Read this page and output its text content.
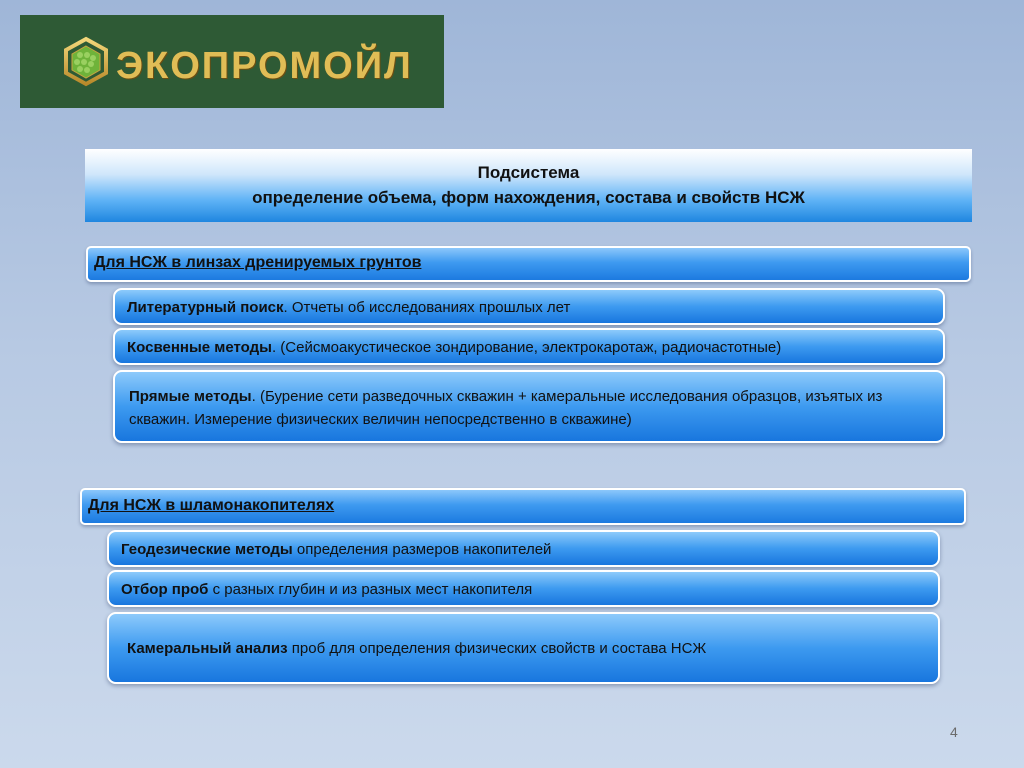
ЭКОПРОМОЙЛ
Подсистема
определение объема, форм нахождения, состава и свойств НСЖ
Для НСЖ в линзах дренируемых грунтов
Литературный поиск. Отчеты об исследованиях прошлых лет
Косвенные методы. (Сейсмоакустическое зондирование, электрокаротаж, радиочастотные)
Прямые методы. (Бурение сети разведочных скважин + камеральные исследования образцов, изъятых из скважин. Измерение физических величин непосредственно в скважине)
Для НСЖ в шламонакопителях
Геодезические методы определения размеров накопителей
Отбор проб с разных глубин и из разных мест накопителя
Камеральный анализ проб для определения физических свойств и состава НСЖ
4
